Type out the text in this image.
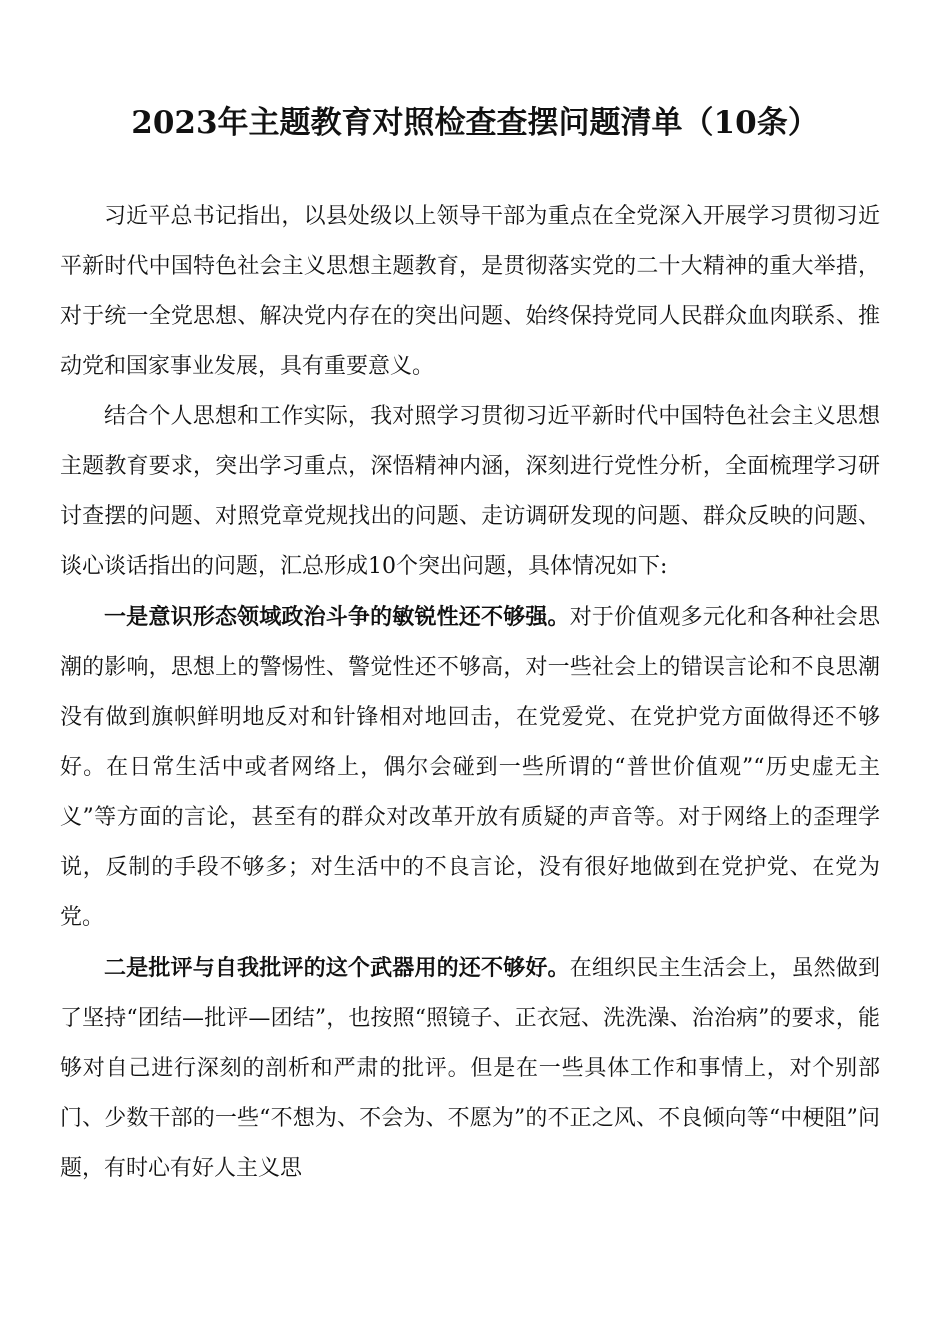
2023年主题教育对照检查查摆问题清单（10条）

习近平总书记指出，以县处级以上领导干部为重点在全党深入开展学习贯彻习近平新时代中国特色社会主义思想主题教育，是贯彻落实党的二十大精神的重大举措，对于统一全党思想、解决党内存在的突出问题、始终保持党同人民群众血肉联系、推动党和国家事业发展，具有重要意义。

结合个人思想和工作实际，我对照学习贯彻习近平新时代中国特色社会主义思想主题教育要求，突出学习重点，深悟精神内涵，深刻进行党性分析，全面梳理学习研讨查摆的问题、对照党章党规找出的问题、走访调研发现的问题、群众反映的问题、谈心谈话指出的问题，汇总形成10个突出问题，具体情况如下:

一是意识形态领域政治斗争的敏锐性还不够强。对于价值观多元化和各种社会思潮的影响，思想上的警惕性、警觉性还不够高，对一些社会上的错误言论和不良思潮没有做到旗帜鲜明地反对和针锋相对地回击，在党爱党、在党护党方面做得还不够好。在日常生活中或者网络上，偶尔会碰到一些所谓的“普世价值观”“历史虚无主义”等方面的言论，甚至有的群众对改革开放有质疑的声音等。对于网络上的歪理学说，反制的手段不够多；对生活中的不良言论，没有很好地做到在党护党、在党为党。

二是批评与自我批评的这个武器用的还不够好。在组织民主生活会上，虽然做到了坚持“团结—批评—团结”，也按照“照镜子、正衣冠、洗洗澡、治治病”的要求，能够对自己进行深刻的剖析和严肃的批评。但是在一些具体工作和事情上，对个别部门、少数干部的一些“不想为、不会为、不愿为”的不正之风、不良倾向等“中梗阻”问题，有时心有好人主义思
